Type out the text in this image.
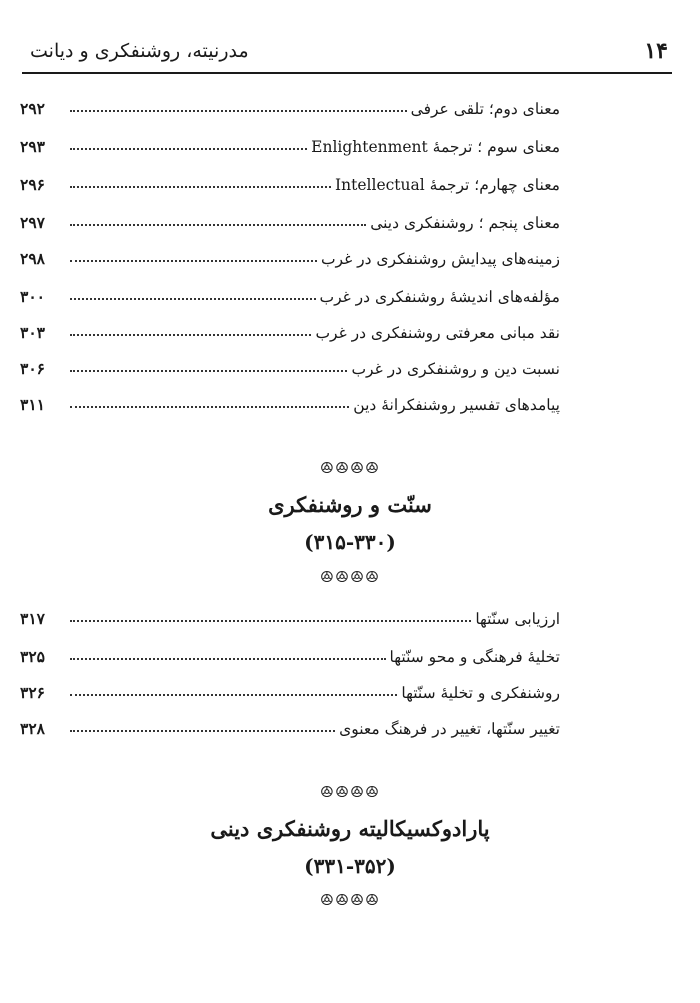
مدرنیته، روشنفکری و دیانت	۱۴
معنای دوم؛ تلقی عرفی
۲۹۲
معنای سوم ؛ ترجمهٔ Enlightenment
۲۹۳
معنای چهارم؛ ترجمهٔ Intellectual
۲۹۶
معنای پنجم ؛ روشنفکری دینی
۲۹۷
زمینه‌های پیدایش روشنفکری در غرب
۲۹۸
مؤلفه‌های اندیشهٔ روشنفکری در غرب
۳۰۰
نقد مبانی معرفتی روشنفکری در غرب
۳۰۳
نسبت دین و روشنفکری در غرب
۳۰۶
پیامدهای تفسیر روشنفکرانهٔ دین
۳۱۱
ꔮꔮꔮꔮ
سنّت و روشنفکری
(۳۱۵-۳۳۰)
ꔮꔮꔮꔮ
ارزیابی سنّتها
۳۱۷
تخلیهٔ فرهنگی و محو سنّتها
۳۲۵
روشنفکری و تخلیهٔ سنّتها
۳۲۶
تغییر سنّتها، تغییر در فرهنگ معنوی
۳۲۸
ꔮꔮꔮꔮ
پارادوکسیکالیته روشنفکری دینی
(۳۳۱-۳۵۲)
ꔮꔮꔮꔮ
